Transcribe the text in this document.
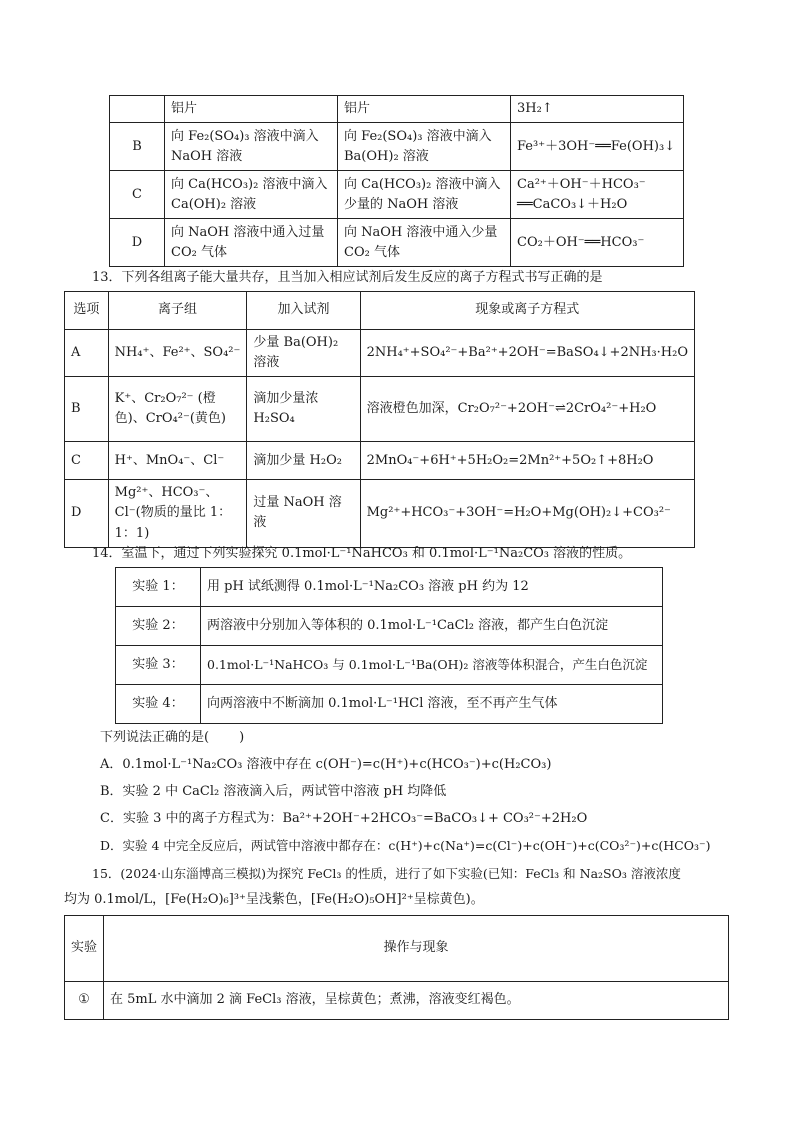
	铝片	铝片	3H₂↑
B	向 Fe₂(SO₄)₃ 溶液中滴入 NaOH 溶液	向 Fe₂(SO₄)₃ 溶液中滴入 Ba(OH)₂ 溶液	Fe³⁺＋3OH⁻══Fe(OH)₃↓
C	向 Ca(HCO₃)₂ 溶液中滴入 Ca(OH)₂ 溶液	向 Ca(HCO₃)₂ 溶液中滴入少量的 NaOH 溶液	Ca²⁺＋OH⁻＋HCO₃⁻ ══CaCO₃↓＋H₂O
D	向 NaOH 溶液中通入过量 CO₂ 气体	向 NaOH 溶液中通入少量 CO₂ 气体	CO₂＋OH⁻══HCO₃⁻
13．下列各组离子能大量共存，且当加入相应试剂后发生反应的离子方程式书写正确的是
选项	离子组	加入试剂	现象或离子方程式
A	NH₄⁺、Fe²⁺、SO₄²⁻	少量 Ba(OH)₂ 溶液	2NH₄⁺+SO₄²⁻+Ba²⁺+2OH⁻=BaSO₄↓+2NH₃·H₂O
B	K⁺、Cr₂O₇²⁻ (橙色)、CrO₄²⁻(黄色)	滴加少量浓 H₂SO₄	溶液橙色加深，Cr₂O₇²⁻+2OH⁻⇌2CrO₄²⁻+H₂O
C	H⁺、MnO₄⁻、Cl⁻	滴加少量 H₂O₂	2MnO₄⁻+6H⁺+5H₂O₂=2Mn²⁺+5O₂↑+8H₂O
D	Mg²⁺、HCO₃⁻、Cl⁻(物质的量比 1：1：1)	过量 NaOH 溶液	Mg²⁺+HCO₃⁻+3OH⁻=H₂O+Mg(OH)₂↓+CO₃²⁻
14．室温下，通过下列实验探究 0.1mol·L⁻¹NaHCO₃ 和 0.1mol·L⁻¹Na₂CO₃ 溶液的性质。
实验 1：	用 pH 试纸测得 0.1mol·L⁻¹Na₂CO₃ 溶液 pH 约为 12
实验 2：	两溶液中分别加入等体积的 0.1mol·L⁻¹CaCl₂ 溶液，都产生白色沉淀
实验 3：	0.1mol·L⁻¹NaHCO₃ 与 0.1mol·L⁻¹Ba(OH)₂ 溶液等体积混合，产生白色沉淀
实验 4：	向两溶液中不断滴加 0.1mol·L⁻¹HCl 溶液，至不再产生气体
下列说法正确的是( )
A．0.1mol·L⁻¹Na₂CO₃ 溶液中存在 c(OH⁻)=c(H⁺)+c(HCO₃⁻)+c(H₂CO₃)
B．实验 2 中 CaCl₂ 溶液滴入后，两试管中溶液 pH 均降低
C．实验 3 中的离子方程式为：Ba²⁺+2OH⁻+2HCO₃⁻=BaCO₃↓+ CO₃²⁻+2H₂O
D．实验 4 中完全反应后，两试管中溶液中都存在：c(H⁺)+c(Na⁺)=c(Cl⁻)+c(OH⁻)+c(CO₃²⁻)+c(HCO₃⁻)
15．(2024·山东淄博高三模拟)为探究 FeCl₃ 的性质，进行了如下实验(已知：FeCl₃ 和 Na₂SO₃ 溶液浓度
均为 0.1mol/L，[Fe(H₂O)₆]³⁺呈浅紫色，[Fe(H₂O)₅OH]²⁺呈棕黄色)。
实验	操作与现象
①	在 5mL 水中滴加 2 滴 FeCl₃ 溶液，呈棕黄色；煮沸，溶液变红褐色。
